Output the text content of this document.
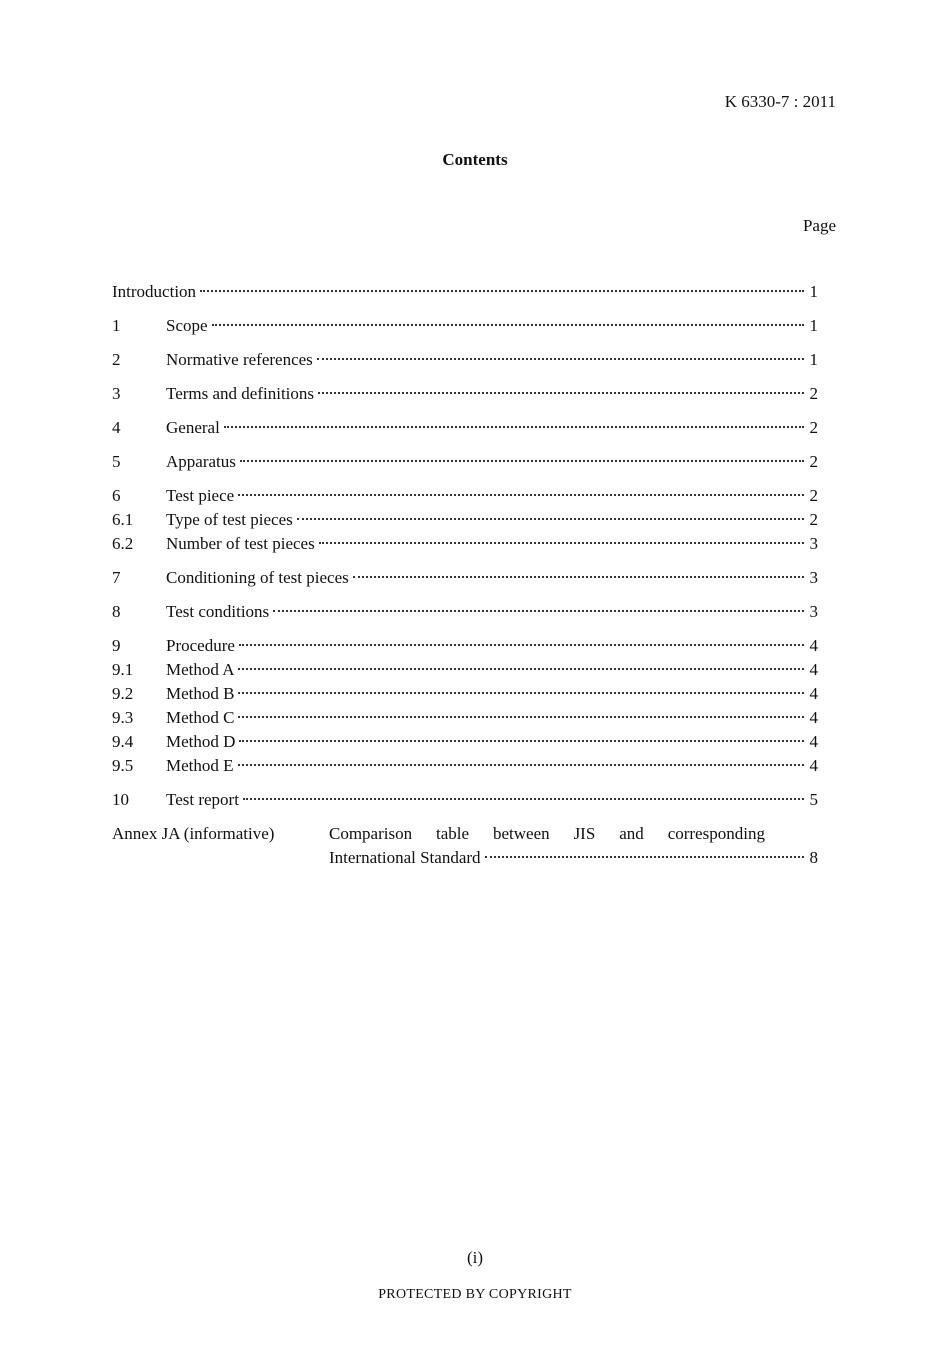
K 6330-7 : 2011
Contents
Page
Introduction	1
1	Scope	1
2	Normative references	1
3	Terms and definitions	2
4	General	2
5	Apparatus	2
6	Test piece	2
6.1	Type of test pieces	2
6.2	Number of test pieces	3
7	Conditioning of test pieces	3
8	Test conditions	3
9	Procedure	4
9.1	Method A	4
9.2	Method B	4
9.3	Method C	4
9.4	Method D	4
9.5	Method E	4
10	Test report	5
Annex JA (informative)	Comparison table between JIS and corresponding
International Standard	8
(i)
PROTECTED BY COPYRIGHT
